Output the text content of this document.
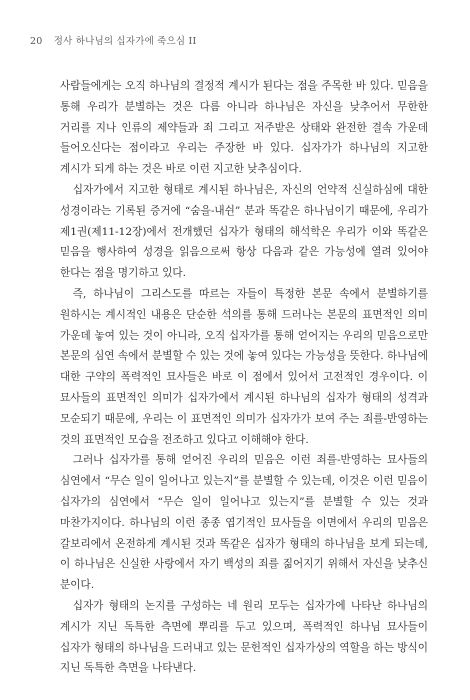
20 정사 하나님의 십자가에 죽으심 II

사람들에게는 오직 하나님의 결정적 계시가 된다는 점을 주목한 바 있다. 믿음을 통해 우리가 분별하는 것은 다름 아니라 하나님은 자신을 낮추어서 무한한 거리를 지나 인류의 제약들과 죄 그리고 저주받은 상태와 완전한 결속 가운데 들어오신다는 점이라고 우리는 주장한 바 있다. 십자가가 하나님의 지고한 계시가 되게 하는 것은 바로 이런 지고한 낮추심이다.

십자가에서 지고한 형태로 계시된 하나님은, 자신의 언약적 신실하심에 대한 성경이라는 기록된 증거에 “숨을-내쉰” 분과 똑같은 하나님이기 때문에, 우리가 제1권(제11-12장)에서 전개했던 십자가 형태의 해석학은 우리가 이와 똑같은 믿음을 행사하여 성경을 읽음으로써 항상 다음과 같은 가능성에 열려 있어야 한다는 점을 명기하고 있다.

즉, 하나님이 그리스도를 따르는 자들이 특정한 본문 속에서 분별하기를 원하시는 계시적인 내용은 단순한 석의를 통해 드러나는 본문의 표면적인 의미 가운데 놓여 있는 것이 아니라, 오직 십자가를 통해 얻어지는 우리의 믿음으로만 본문의 심연 속에서 분별할 수 있는 것에 놓여 있다는 가능성을 뜻한다. 하나님에 대한 구약의 폭력적인 묘사들은 바로 이 점에서 있어서 고전적인 경우이다. 이 묘사들의 표면적인 의미가 십자가에서 계시된 하나님의 십자가 형태의 성격과 모순되기 때문에, 우리는 이 표면적인 의미가 십자가가 보여 주는 죄를-반영하는 것의 표면적인 모습을 전조하고 있다고 이해해야 한다.

그러나 십자가를 통해 얻어진 우리의 믿음은 이런 죄를-반영하는 묘사들의 심연에서 “무슨 일이 일어나고 있는지”를 분별할 수 있는데, 이것은 이런 믿음이 십자가의 심연에서 “무슨 일이 일어나고 있는지”를 분별할 수 있는 것과 마찬가지이다. 하나님의 이런 종종 엽기적인 묘사들을 이면에서 우리의 믿음은 갈보리에서 온전하게 계시된 것과 똑같은 십자가 형태의 하나님을 보게 되는데, 이 하나님은 신실한 사랑에서 자기 백성의 죄를 짊어지기 위해서 자신을 낮추신 분이다.

십자가 형태의 논지를 구성하는 네 원리 모두는 십자가에 나타난 하나님의 계시가 지닌 독특한 측면에 뿌리를 두고 있으며, 폭력적인 하나님 묘사들이 십자가 형태의 하나님을 드러내고 있는 문헌적인 십자가상의 역할을 하는 방식이 지닌 독특한 측면을 나타낸다.
